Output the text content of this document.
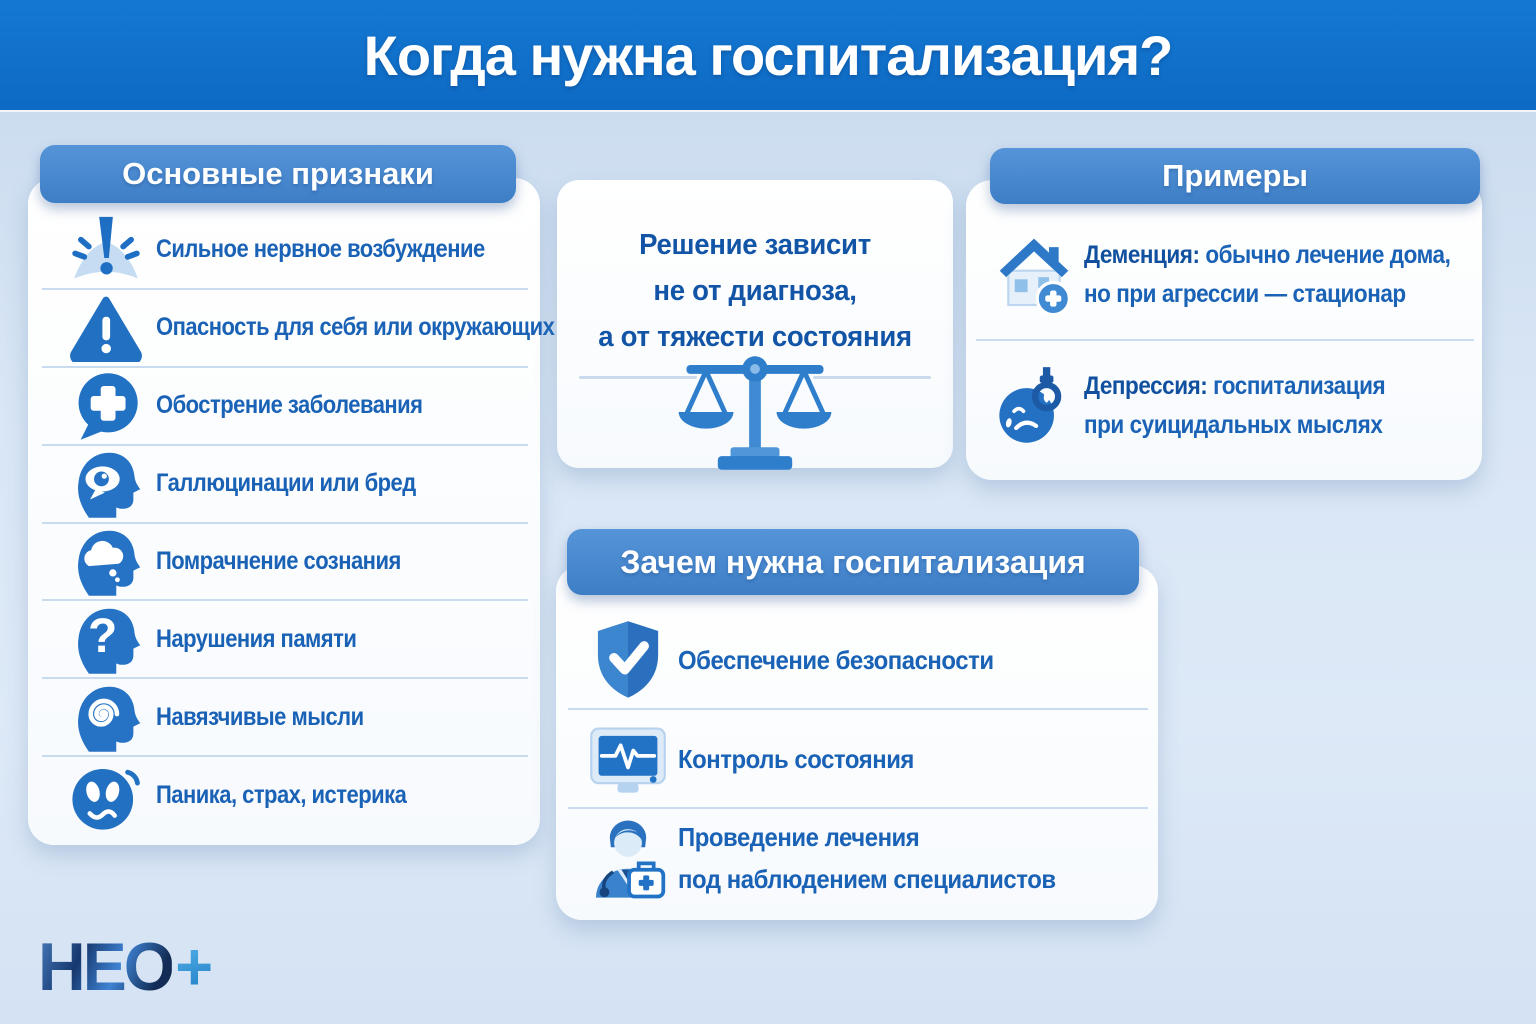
Когда нужна госпитализация?
Основные признаки
Сильное нервное возбуждение
Опасность для себя или окружающих
Обострение заболевания
Галлюцинации или бред
Помрачнение сознания
? Нарушения памяти
Навязчивые мысли
Паника, страх, истерика
Решение зависит
не от диагноза,
а от тяжести состояния
Примеры
Деменция: обычно лечение дома,
но при агрессии — стационар
Депрессия: госпитализация
при суицидальных мыслях
Зачем нужна госпитализация
Обеспечение безопасности
Контроль состояния
Проведение лечения
под наблюдением специалистов
НЕО+
